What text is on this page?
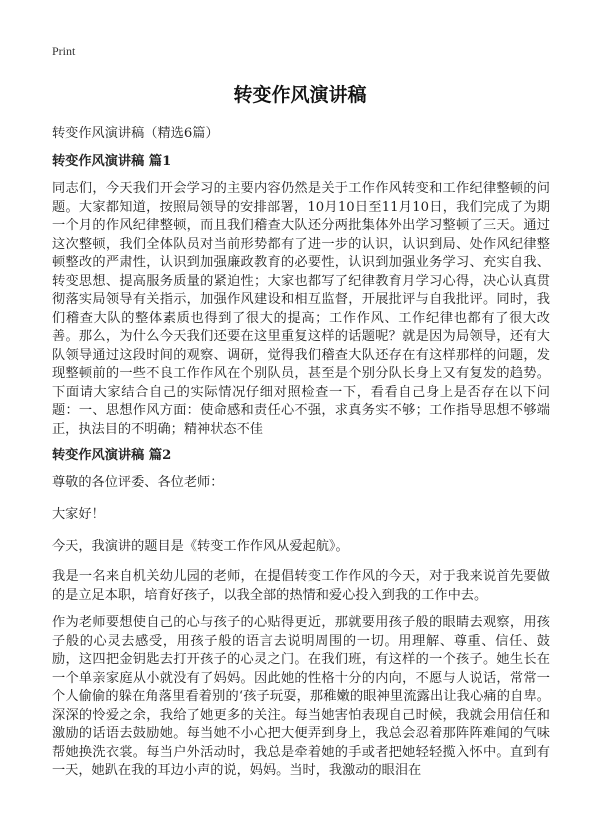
Print
转变作风演讲稿

转变作风演讲稿（精选6篇）

转变作风演讲稿 篇1

同志们，今天我们开会学习的主要内容仍然是关于工作作风转变和工作纪律整顿的问题。大家都知道，按照局领导的安排部署，10月10日至11月10日，我们完成了为期一个月的作风纪律整顿，而且我们稽查大队还分两批集体外出学习整顿了三天。通过这次整顿，我们全体队员对当前形势都有了进一步的认识，认识到局、处作风纪律整顿整改的严肃性，认识到加强廉政教育的必要性，认识到加强业务学习、充实自我、转变思想、提高服务质量的紧迫性；大家也都写了纪律教育月学习心得，决心认真贯彻落实局领导有关指示，加强作风建设和相互监督，开展批评与自我批评。同时，我们稽查大队的整体素质也得到了很大的提高；工作作风、工作纪律也都有了很大改善。那么，为什么今天我们还要在这里重复这样的话题呢？就是因为局领导，还有大队领导通过这段时间的观察、调研，觉得我们稽查大队还存在有这样那样的问题，发现整顿前的一些不良工作作风在个别队员，甚至是个别分队长身上又有复发的趋势。下面请大家结合自己的实际情况仔细对照检查一下，看看自己身上是否存在以下问题：一、思想作风方面：使命感和责任心不强，求真务实不够；工作指导思想不够端正，执法目的不明确；精神状态不佳

转变作风演讲稿 篇2

尊敬的各位评委、各位老师：

大家好！

今天，我演讲的题目是《转变工作作风从爱起航》。

我是一名来自机关幼儿园的老师，在提倡转变工作作风的今天，对于我来说首先要做的是立足本职，培育好孩子，以我全部的热情和爱心投入到我的工作中去。

作为老师要想使自己的心与孩子的心贴得更近，那就要用孩子般的眼睛去观察，用孩子般的心灵去感受，用孩子般的语言去说明周围的一切。用理解、尊重、信任、鼓励，这四把金钥匙去打开孩子的心灵之门。在我们班，有这样的一个孩子。她生长在一个单亲家庭从小就没有了妈妈。因此她的性格十分的内向，不愿与人说话，常常一个人偷偷的躲在角落里看着别的‘孩子玩耍，那稚嫩的眼神里流露出让我心痛的自卑。深深的怜爱之余，我给了她更多的关注。每当她害怕表现自己时候，我就会用信任和激励的话语去鼓励她。每当她不小心把大便弄到身上，我总会忍着那阵阵难闻的气味帮她换洗衣裳。每当户外活动时，我总是牵着她的手或者把她轻轻揽入怀中。直到有一天，她趴在我的耳边小声的说，妈妈。当时，我激动的眼泪在
